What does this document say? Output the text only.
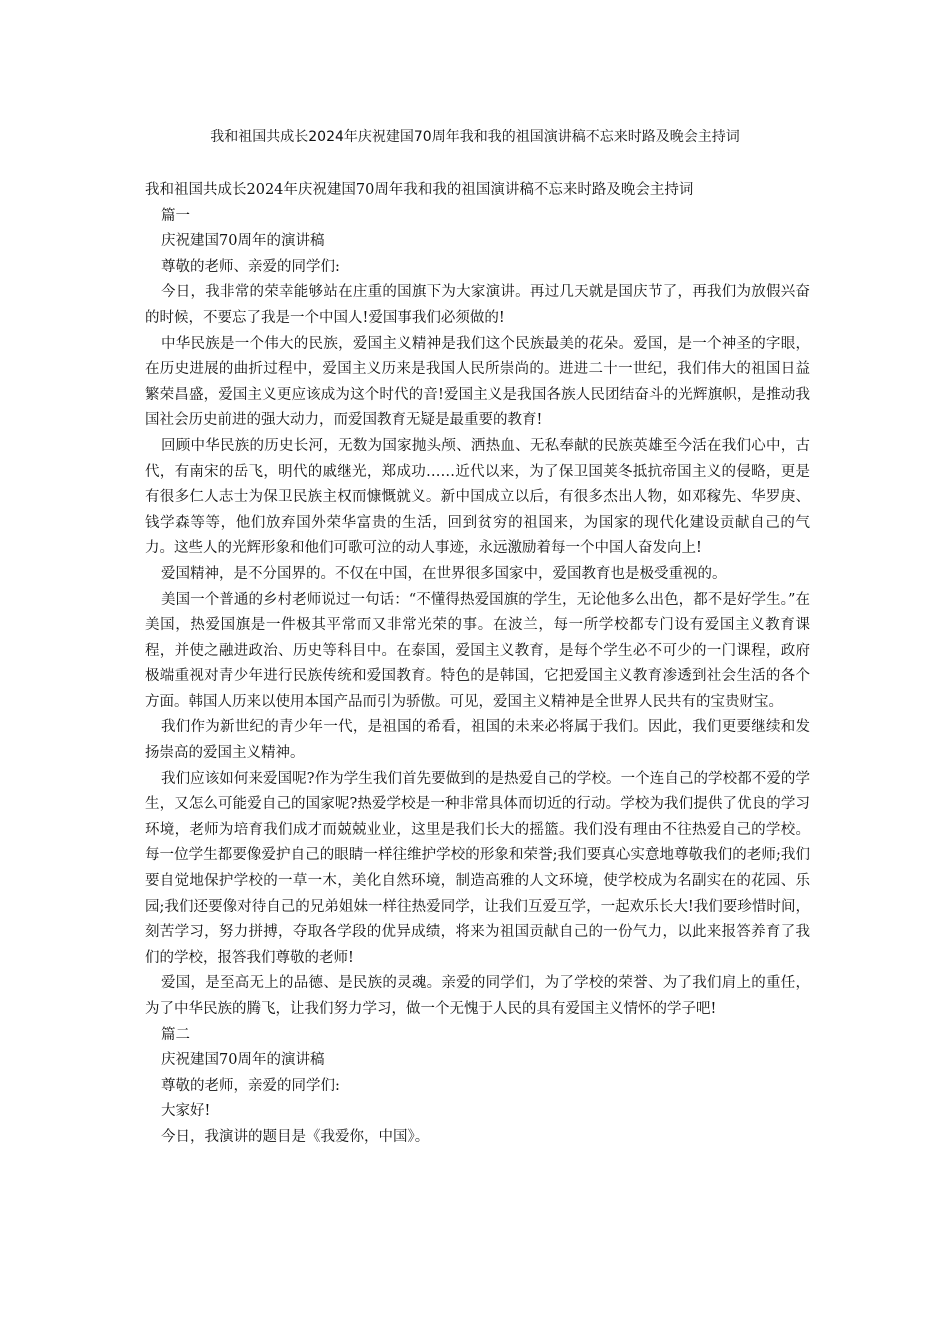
我和祖国共成长2024年庆祝建国70周年我和我的祖国演讲稿不忘来时路及晚会主持词

我和祖国共成长2024年庆祝建国70周年我和我的祖国演讲稿不忘来时路及晚会主持词

篇一

庆祝建国70周年的演讲稿

尊敬的老师、亲爱的同学们:

今日，我非常的荣幸能够站在庄重的国旗下为大家演讲。再过几天就是国庆节了，再我们为放假兴奋的时候，不要忘了我是一个中国人!爱国事我们必须做的!

中华民族是一个伟大的民族，爱国主义精神是我们这个民族最美的花朵。爱国，是一个神圣的字眼，在历史进展的曲折过程中，爱国主义历来是我国人民所崇尚的。进进二十一世纪，我们伟大的祖国日益繁荣昌盛，爱国主义更应该成为这个时代的音!爱国主义是我国各族人民团结奋斗的光辉旗帜，是推动我国社会历史前进的强大动力，而爱国教育无疑是最重要的教育!

回顾中华民族的历史长河，无数为国家抛头颅、洒热血、无私奉献的民族英雄至今活在我们心中，古代，有南宋的岳飞，明代的戚继光，郑成功……近代以来，为了保卫国荚冬抵抗帝国主义的侵略，更是有很多仁人志士为保卫民族主权而慷慨就义。新中国成立以后，有很多杰出人物，如邓稼先、华罗庚、钱学森等等，他们放弃国外荣华富贵的生活，回到贫穷的祖国来，为国家的现代化建设贡献自己的气力。这些人的光辉形象和他们可歌可泣的动人事迹，永远激励着每一个中国人奋发向上!

爱国精神，是不分国界的。不仅在中国，在世界很多国家中，爱国教育也是极受重视的。

美国一个普通的乡村老师说过一句话：“不懂得热爱国旗的学生，无论他多么出色，都不是好学生。”在美国，热爱国旗是一件极其平常而又非常光荣的事。在波兰，每一所学校都专门设有爱国主义教育课程，并使之融进政治、历史等科目中。在泰国，爱国主义教育，是每个学生必不可少的一门课程，政府极端重视对青少年进行民族传统和爱国教育。特色的是韩国，它把爱国主义教育渗透到社会生活的各个方面。韩国人历来以使用本国产品而引为骄傲。可见，爱国主义精神是全世界人民共有的宝贵财宝。

我们作为新世纪的青少年一代，是祖国的希看，祖国的未来必将属于我们。因此，我们更要继续和发扬崇高的爱国主义精神。

我们应该如何来爱国呢?作为学生我们首先要做到的是热爱自己的学校。一个连自己的学校都不爱的学生，又怎么可能爱自己的国家呢?热爱学校是一种非常具体而切近的行动。学校为我们提供了优良的学习环境，老师为培育我们成才而兢兢业业，这里是我们长大的摇篮。我们没有理由不往热爱自己的学校。每一位学生都要像爱护自己的眼睛一样往维护学校的形象和荣誉;我们要真心实意地尊敬我们的老师;我们要自觉地保护学校的一草一木，美化自然环境，制造高雅的人文环境，使学校成为名副实在的花园、乐园;我们还要像对待自己的兄弟姐妹一样往热爱同学，让我们互爱互学，一起欢乐长大!我们要珍惜时间，刻苦学习，努力拼搏，夺取各学段的优异成绩，将来为祖国贡献自己的一份气力，以此来报答养育了我们的学校，报答我们尊敬的老师!

爱国，是至高无上的品德、是民族的灵魂。亲爱的同学们，为了学校的荣誉、为了我们肩上的重任，为了中华民族的腾飞，让我们努力学习，做一个无愧于人民的具有爱国主义情怀的学子吧!

篇二

庆祝建国70周年的演讲稿

尊敬的老师，亲爱的同学们:

大家好!

今日，我演讲的题目是《我爱你，中国》。
